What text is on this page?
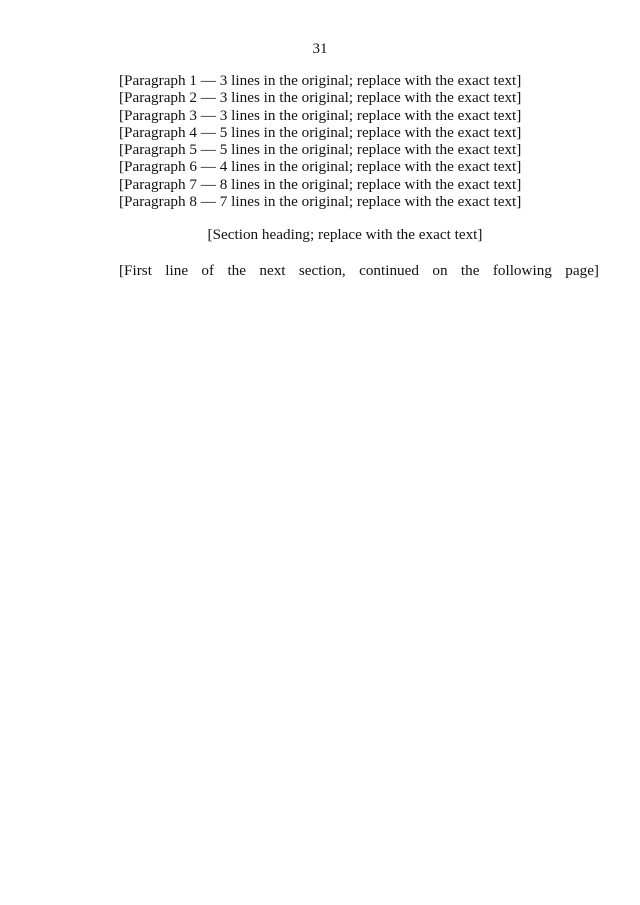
31

[Paragraph 1 — 3 lines in the original; replace with the exact text]

[Paragraph 2 — 3 lines in the original; replace with the exact text]

[Paragraph 3 — 3 lines in the original; replace with the exact text]

[Paragraph 4 — 5 lines in the original; replace with the exact text]

[Paragraph 5 — 5 lines in the original; replace with the exact text]

[Paragraph 6 — 4 lines in the original; replace with the exact text]

[Paragraph 7 — 8 lines in the original; replace with the exact text]

[Paragraph 8 — 7 lines in the original; replace with the exact text]

[Section heading; replace with the exact text]

[First line of the next section, continued on the following page]
